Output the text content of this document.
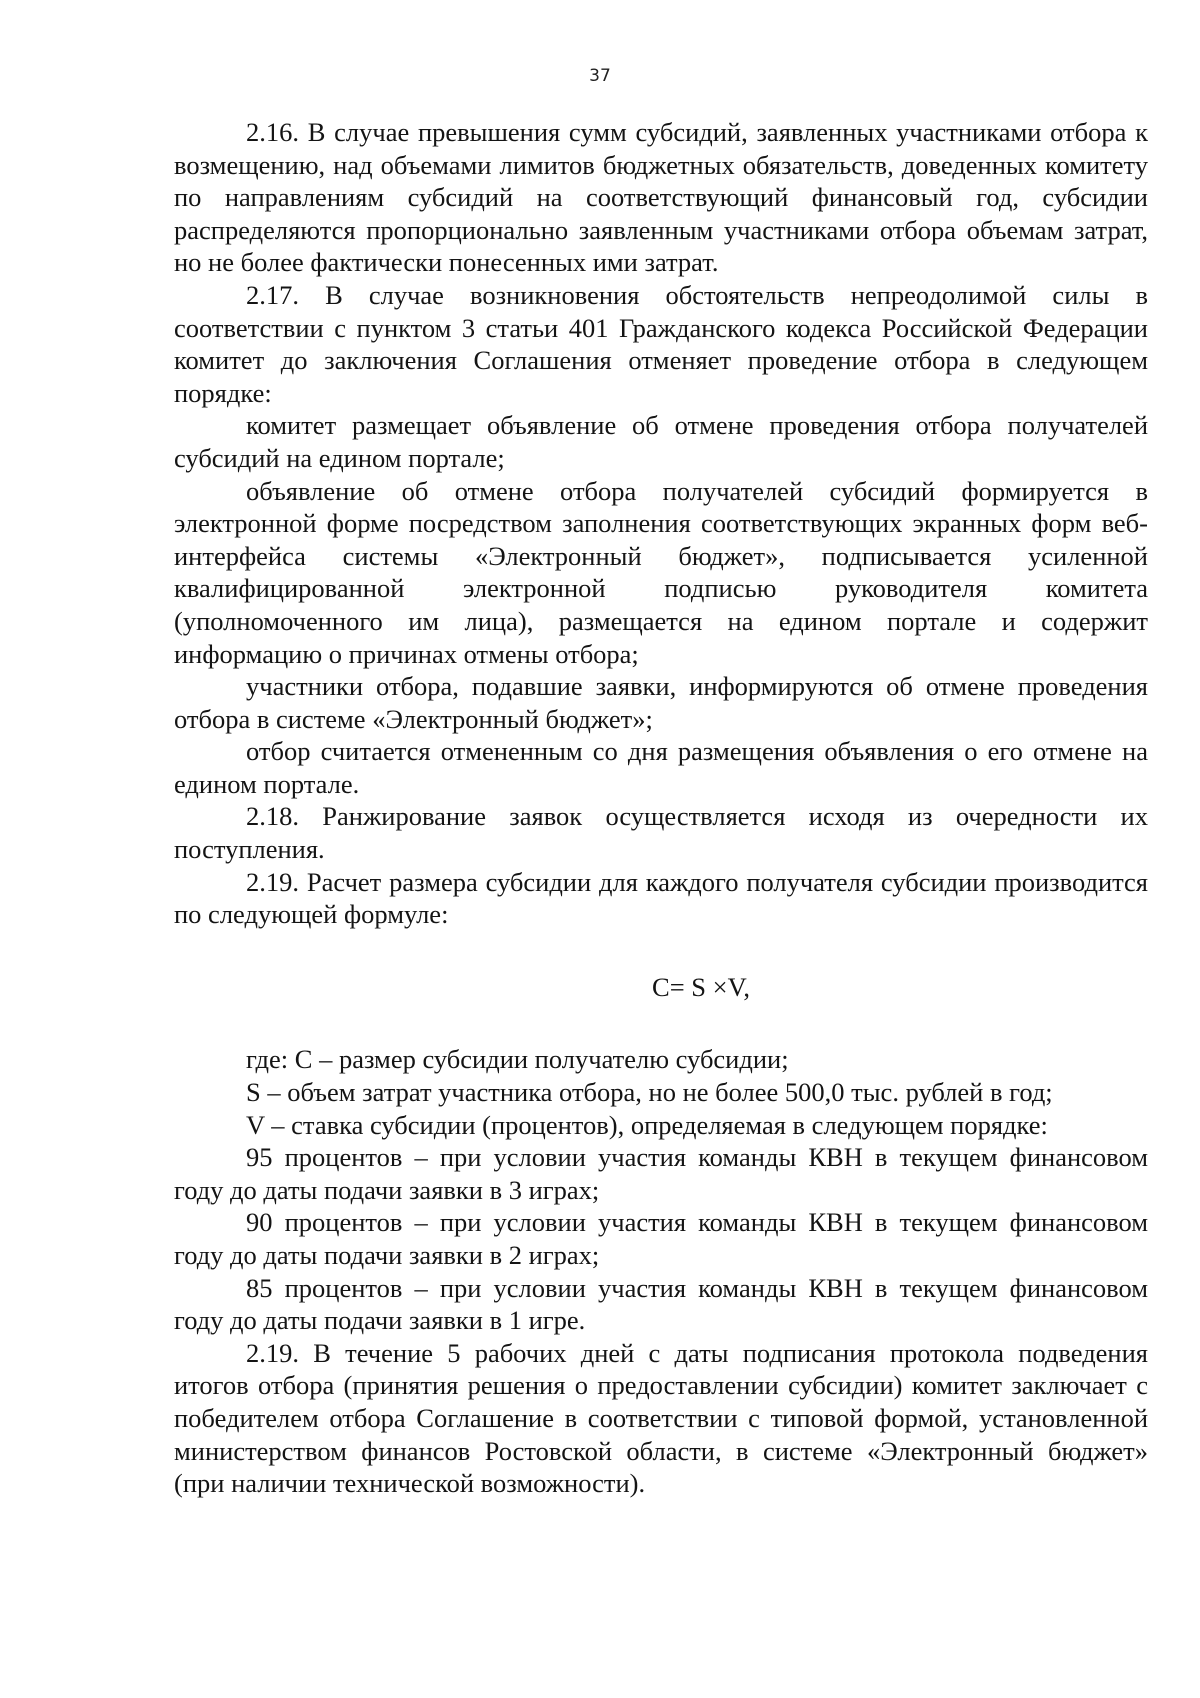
37

2.16. В случае превышения сумм субсидий, заявленных участниками отбора к возмещению, над объемами лимитов бюджетных обязательств, доведенных комитету по направлениям субсидий на соответствующий финансовый год, субсидии распределяются пропорционально заявленным участниками отбора объемам затрат, но не более фактически понесенных ими затрат.

2.17. В случае возникновения обстоятельств непреодолимой силы в соответствии с пунктом 3 статьи 401 Гражданского кодекса Российской Федерации комитет до заключения Соглашения отменяет проведение отбора в следующем порядке:

комитет размещает объявление об отмене проведения отбора получателей субсидий на едином портале;

объявление об отмене отбора получателей субсидий формируется в электронной форме посредством заполнения соответствующих экранных форм веб-интерфейса системы «Электронный бюджет», подписывается усиленной квалифицированной электронной подписью руководителя комитета (уполномоченного им лица), размещается на едином портале и содержит информацию о причинах отмены отбора;

участники отбора, подавшие заявки, информируются об отмене проведения отбора в системе «Электронный бюджет»;

отбор считается отмененным со дня размещения объявления о его отмене на едином портале.

2.18. Ранжирование заявок осуществляется исходя из очередности их поступления.

2.19. Расчет размера субсидии для каждого получателя субсидии производится по следующей формуле:

С= S ×V,

где: С – размер субсидии получателю субсидии;

S – объем затрат участника отбора, но не более 500,0 тыс. рублей в год;

V – ставка субсидии (процентов), определяемая в следующем порядке:

95 процентов – при условии участия команды КВН в текущем финансовом году до даты подачи заявки в 3 играх;

90 процентов – при условии участия команды КВН в текущем финансовом году до даты подачи заявки в 2 играх;

85 процентов – при условии участия команды КВН в текущем финансовом году до даты подачи заявки в 1 игре.

2.19. В течение 5 рабочих дней с даты подписания протокола подведения итогов отбора (принятия решения о предоставлении субсидии) комитет заключает с победителем отбора Соглашение в соответствии с типовой формой, установленной министерством финансов Ростовской области, в системе «Электронный бюджет» (при наличии технической возможности).
